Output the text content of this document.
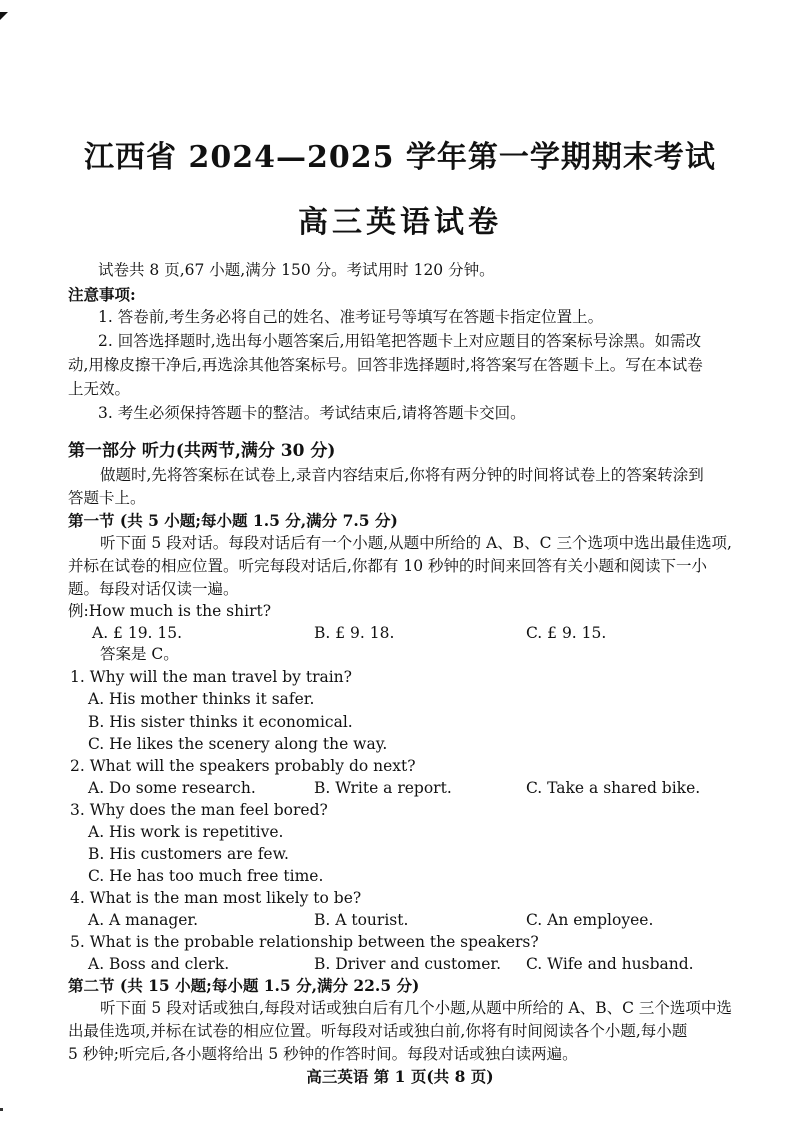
江西省 2024—2025 学年第一学期期末考试
高三英语试卷
试卷共 8 页,67 小题,满分 150 分。考试用时 120 分钟。
注意事项:
1. 答卷前,考生务必将自己的姓名、准考证号等填写在答题卡指定位置上。
2. 回答选择题时,选出每小题答案后,用铅笔把答题卡上对应题目的答案标号涂黑。如需改
动,用橡皮擦干净后,再选涂其他答案标号。回答非选择题时,将答案写在答题卡上。写在本试卷
上无效。
3. 考生必须保持答题卡的整洁。考试结束后,请将答题卡交回。
第一部分 听力(共两节,满分 30 分)
做题时,先将答案标在试卷上,录音内容结束后,你将有两分钟的时间将试卷上的答案转涂到
答题卡上。
第一节 (共 5 小题;每小题 1.5 分,满分 7.5 分)
听下面 5 段对话。每段对话后有一个小题,从题中所给的 A、B、C 三个选项中选出最佳选项,
并标在试卷的相应位置。听完每段对话后,你都有 10 秒钟的时间来回答有关小题和阅读下一小
题。每段对话仅读一遍。
例:How much is the shirt?
A. £ 19. 15.	B. £ 9. 18.	C. £ 9. 15.
答案是 C。
1. Why will the man travel by train?
A. His mother thinks it safer.
B. His sister thinks it economical.
C. He likes the scenery along the way.
2. What will the speakers probably do next?
A. Do some research.	B. Write a report.	C. Take a shared bike.
3. Why does the man feel bored?
A. His work is repetitive.
B. His customers are few.
C. He has too much free time.
4. What is the man most likely to be?
A. A manager.	B. A tourist.	C. An employee.
5. What is the probable relationship between the speakers?
A. Boss and clerk.	B. Driver and customer. C. Wife and husband.
第二节 (共 15 小题;每小题 1.5 分,满分 22.5 分)
听下面 5 段对话或独白,每段对话或独白后有几个小题,从题中所给的 A、B、C 三个选项中选
出最佳选项,并标在试卷的相应位置。听每段对话或独白前,你将有时间阅读各个小题,每小题
5 秒钟;听完后,各小题将给出 5 秒钟的作答时间。每段对话或独白读两遍。
高三英语 第 1 页(共 8 页)
